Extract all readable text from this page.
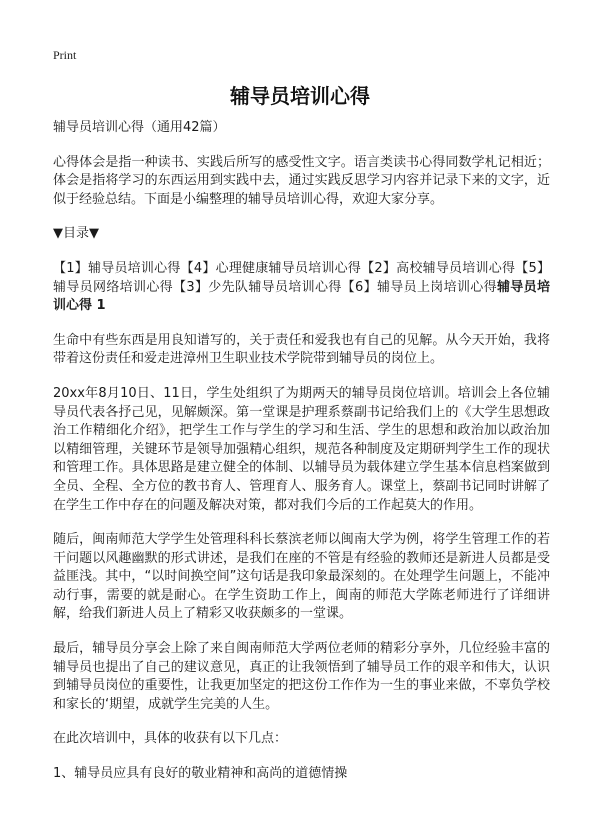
Print
辅导员培训心得

辅导员培训心得（通用42篇）

心得体会是指一种读书、实践后所写的感受性文字。语言类读书心得同数学札记相近；体会是指将学习的东西运用到实践中去，通过实践反思学习内容并记录下来的文字，近似于经验总结。下面是小编整理的辅导员培训心得，欢迎大家分享。

▼目录▼

【1】辅导员培训心得【4】心理健康辅导员培训心得【2】高校辅导员培训心得【5】辅导员网络培训心得【3】少先队辅导员培训心得【6】辅导员上岗培训心得辅导员培训心得 1

生命中有些东西是用良知谱写的，关于责任和爱我也有自己的见解。从今天开始，我将带着这份责任和爱走进漳州卫生职业技术学院带到辅导员的岗位上。

20xx年8月10日、11日，学生处组织了为期两天的辅导员岗位培训。培训会上各位辅导员代表各抒己见，见解颇深。第一堂课是护理系蔡副书记给我们上的《大学生思想政治工作精细化介绍》，把学生工作与学生的学习和生活、学生的思想和政治加以政治加以精细管理，关键环节是领导加强精心组织，规范各种制度及定期研判学生工作的现状和管理工作。具体思路是建立健全的体制、以辅导员为载体建立学生基本信息档案做到全员、全程、全方位的教书育人、管理育人、服务育人。课堂上，蔡副书记同时讲解了在学生工作中存在的问题及解决对策，都对我们今后的工作起莫大的作用。

随后，闽南师范大学学生处管理科科长蔡滨老师以闽南大学为例，将学生管理工作的若干问题以风趣幽默的形式讲述，是我们在座的不管是有经验的教师还是新进人员都是受益匪浅。其中，“以时间换空间”这句话是我印象最深刻的。在处理学生问题上，不能冲动行事，需要的就是耐心。在学生资助工作上，闽南的师范大学陈老师进行了详细讲解，给我们新进人员上了精彩又收获颇多的一堂课。

最后，辅导员分享会上除了来自闽南师范大学两位老师的精彩分享外，几位经验丰富的辅导员也提出了自己的建议意见，真正的让我领悟到了辅导员工作的艰辛和伟大，认识到辅导员岗位的重要性，让我更加坚定的把这份工作作为一生的事业来做，不辜负学校和家长的‘期望，成就学生完美的人生。

在此次培训中，具体的收获有以下几点：

1、辅导员应具有良好的敬业精神和高尚的道德情操
